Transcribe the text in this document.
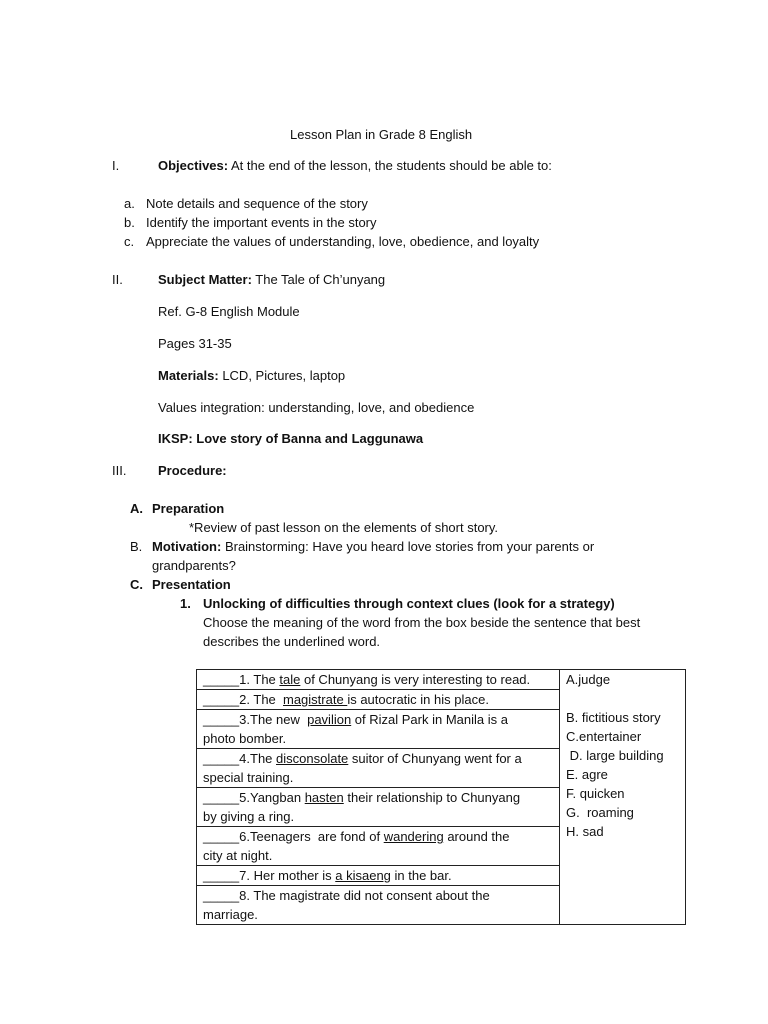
Lesson Plan in Grade 8 English
I.	Objectives: At the end of the lesson, the students should be able to:
a. Note details and sequence of the story
b. Identify the important events in the story
c. Appreciate the values of understanding, love, obedience, and loyalty
II.	Subject Matter: The Tale of Ch’unyang
Ref. G-8 English Module
Pages 31-35
Materials: LCD, Pictures, laptop
Values integration: understanding, love, and obedience
IKSP: Love story of Banna and Laggunawa
III. Procedure:
A. Preparation
*Review of past lesson on the elements of short story.
B. Motivation: Brainstorming: Have you heard love stories from your parents or
grandparents?
C. Presentation
1. Unlocking of difficulties through context clues (look for a strategy)
Choose the meaning of the word from the box beside the sentence that best
describes the underlined word.
_____1. The tale of Chunyang is very interesting to read.	A.judge
B. fictitious story
C.entertainer
D. large building
E. agre
F. quicken
G.  roaming
H. sad

_____2. The  magistrate is autocratic in his place.
_____3.The new  pavilion of Rizal Park in Manila is a
photo bomber.
_____4.The disconsolate suitor of Chunyang went for a
special training.
_____5.Yangban hasten their relationship to Chunyang
by giving a ring.
_____6.Teenagers  are fond of wandering around the
city at night.
_____7. Her mother is a kisaeng in the bar.
_____8. The magistrate did not consent about the
marriage.
